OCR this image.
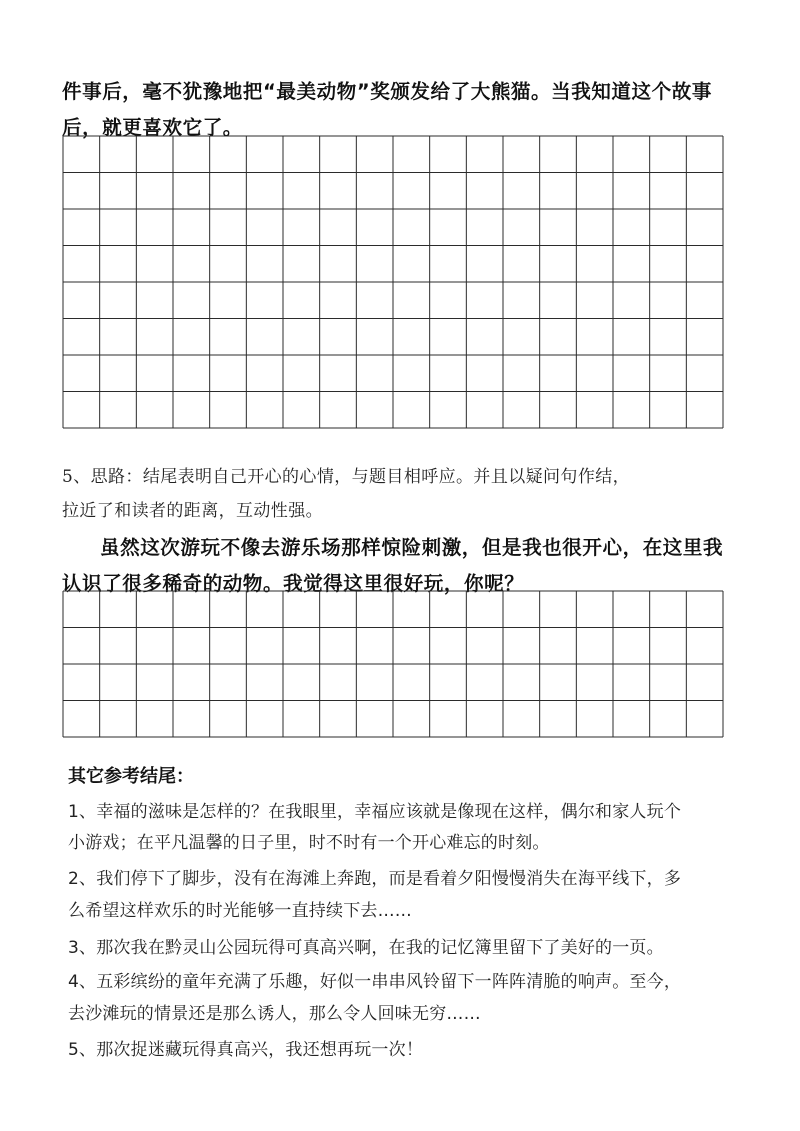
件事后，毫不犹豫地把“最美动物”奖颁发给了大熊猫。当我知道这个故事
后，就更喜欢它了。
5、思路：结尾表明自己开心的心情，与题目相呼应。并且以疑问句作结，
拉近了和读者的距离，互动性强。
虽然这次游玩不像去游乐场那样惊险刺激，但是我也很开心，在这里我
认识了很多稀奇的动物。我觉得这里很好玩，你呢？
其它参考结尾：
1、幸福的滋味是怎样的？在我眼里，幸福应该就是像现在这样，偶尔和家人玩个
小游戏；在平凡温馨的日子里，时不时有一个开心难忘的时刻。
2、我们停下了脚步，没有在海滩上奔跑，而是看着夕阳慢慢消失在海平线下，多
么希望这样欢乐的时光能够一直持续下去……
3、那次我在黔灵山公园玩得可真高兴啊，在我的记忆簿里留下了美好的一页。
4、五彩缤纷的童年充满了乐趣，好似一串串风铃留下一阵阵清脆的响声。至今，
去沙滩玩的情景还是那么诱人，那么令人回味无穷……
5、那次捉迷藏玩得真高兴，我还想再玩一次！
